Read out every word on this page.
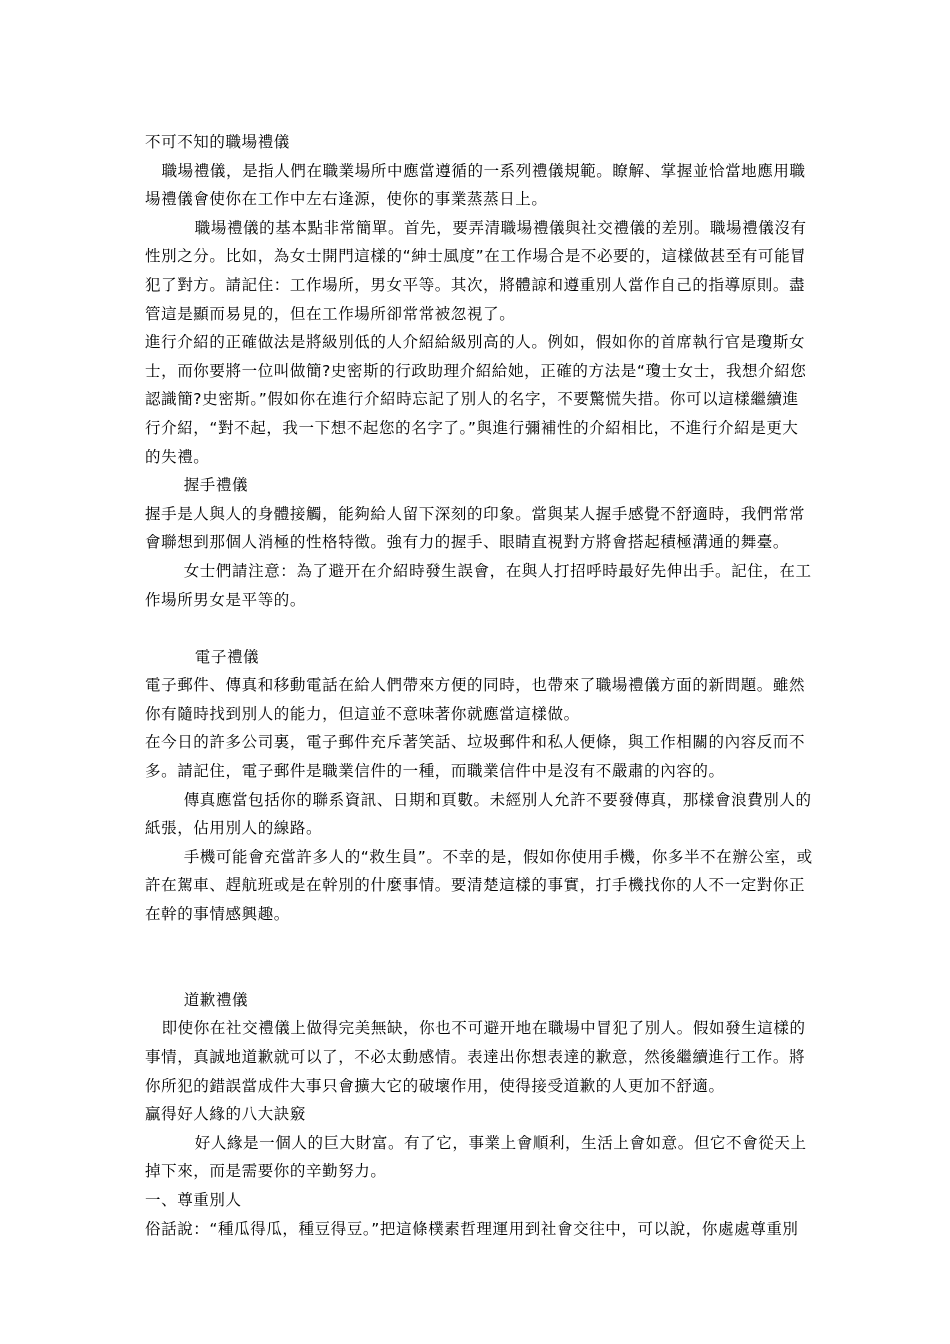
不可不知的職場禮儀
職場禮儀，是指人們在職業場所中應當遵循的一系列禮儀規範。瞭解、掌握並恰當地應用職
場禮儀會使你在工作中左右逢源，使你的事業蒸蒸日上。
職場禮儀的基本點非常簡單。首先，要弄清職場禮儀與社交禮儀的差別。職場禮儀沒有
性別之分。比如，為女士開門這樣的“紳士風度”在工作場合是不必要的，這樣做甚至有可能冒
犯了對方。請記住：工作場所，男女平等。其次，將體諒和遵重別人當作自己的指導原則。盡
管這是顯而易見的，但在工作場所卻常常被忽視了。
進行介紹的正確做法是將級別低的人介紹給級別高的人。例如，假如你的首席執行官是瓊斯女
士，而你要將一位叫做簡?史密斯的行政助理介紹給她，正確的方法是“瓊士女士，我想介紹您
認識簡?史密斯。”假如你在進行介紹時忘記了別人的名字，不要驚慌失措。你可以這樣繼續進
行介紹，“對不起，我一下想不起您的名字了。”與進行彌補性的介紹相比，不進行介紹是更大
的失禮。
握手禮儀
握手是人與人的身體接觸，能夠給人留下深刻的印象。當與某人握手感覺不舒適時，我們常常
會聯想到那個人消極的性格特徵。強有力的握手、眼睛直視對方將會搭起積極溝通的舞臺。
女士們請注意：為了避开在介紹時發生誤會，在與人打招呼時最好先伸出手。記住，在工
作場所男女是平等的。
電子禮儀
電子郵件、傳真和移動電話在給人們帶來方便的同時，也帶來了職場禮儀方面的新問題。雖然
你有隨時找到別人的能力，但這並不意味著你就應當這樣做。
在今日的許多公司裏，電子郵件充斥著笑話、垃圾郵件和私人便條，與工作相關的內容反而不
多。請記住，電子郵件是職業信件的一種，而職業信件中是沒有不嚴肅的內容的。
傳真應當包括你的聯系資訊、日期和頁數。未經別人允許不要發傳真，那樣會浪費別人的
紙張，佔用別人的線路。
手機可能會充當許多人的“救生員”。不幸的是，假如你使用手機，你多半不在辦公室，或
許在駕車、趕航班或是在幹別的什麼事情。要清楚這樣的事實，打手機找你的人不一定對你正
在幹的事情感興趣。
道歉禮儀
即使你在社交禮儀上做得完美無缺，你也不可避开地在職場中冒犯了別人。假如發生這樣的
事情，真誠地道歉就可以了，不必太動感情。表達出你想表達的歉意，然後繼續進行工作。將
你所犯的錯誤當成件大事只會擴大它的破壞作用，使得接受道歉的人更加不舒適。
贏得好人緣的八大訣竅
好人緣是一個人的巨大財富。有了它，事業上會順利，生活上會如意。但它不會從天上
掉下來，而是需要你的辛勤努力。
一、尊重別人
俗話說：“種瓜得瓜，種豆得豆。”把這條樸素哲理運用到社會交往中，可以說，你處處尊重別
